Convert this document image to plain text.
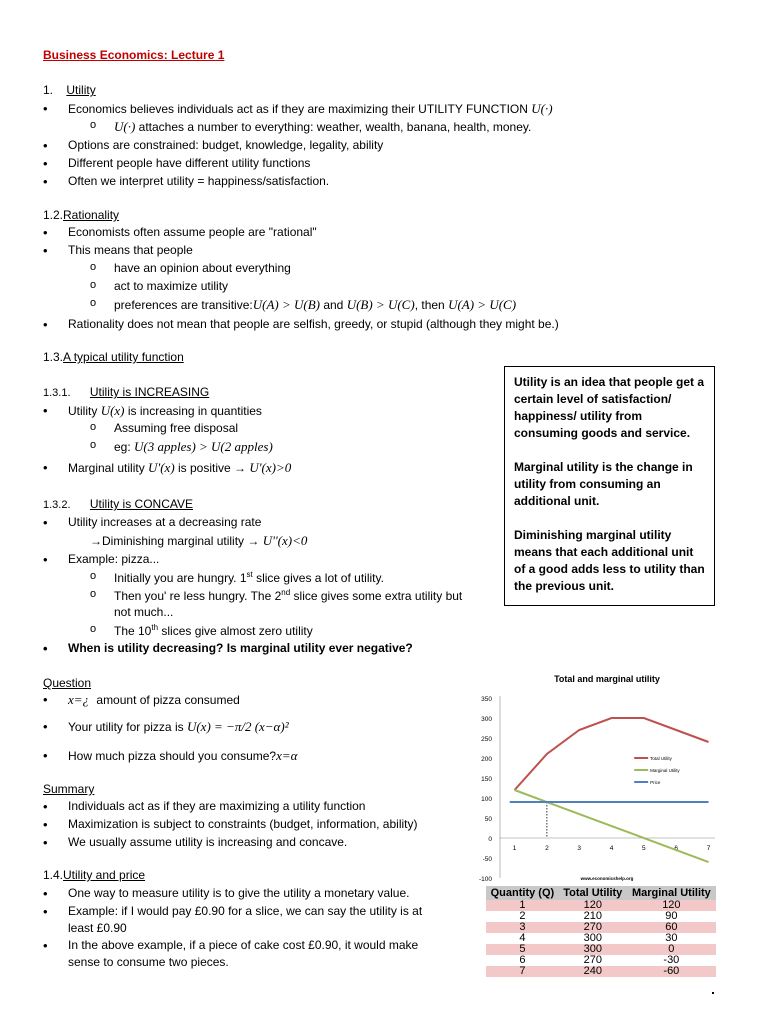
Business Economics: Lecture 1
1. Utility
• Economics believes individuals act as if they are maximizing their UTILITY FUNCTION U(·)
o U(·) attaches a number to everything: weather, wealth, banana, health, money.
• Options are constrained: budget, knowledge, legality, ability
• Different people have different utility functions
• Often we interpret utility = happiness/satisfaction.
1.2.Rationality
• Economists often assume people are "rational"
• This means that people
o have an opinion about everything
o act to maximize utility
o preferences are transitive:U(A) > U(B) and U(B) > U(C), then U(A) > U(C)
• Rationality does not mean that people are selfish, greedy, or stupid (although they might be.)
1.3.A typical utility function
1.3.1. Utility is INCREASING
• Utility U(x) is increasing in quantities
o Assuming free disposal
o eg: U(3 apples) > U(2 apples)
• Marginal utility U'(x) is positive → U'(x)>0
1.3.2. Utility is CONCAVE
• Utility increases at a decreasing rate
→Diminishing marginal utility → U''(x)<0
• Example: pizza...
o Initially you are hungry. 1st slice gives a lot of utility.
o Then you' re less hungry. The 2nd slice gives some extra utility but
not much...
o The 10th slices give almost zero utility
• When is utility decreasing? Is marginal utility ever negative?
Question
• x=¿ amount of pizza consumed
• Your utility for pizza is U(x) = −π/2 (x−α)²
• How much pizza should you consume?x=α
Summary
• Individuals act as if they are maximizing a utility function
• Maximization is subject to constraints (budget, information, ability)
• We usually assume utility is increasing and concave.
1.4.Utility and price
• One way to measure utility is to give the utility a monetary value.
• Example: if I would pay £0.90 for a slice, we can say the utility is at
least £0.90
• In the above example, if a piece of cake cost £0.90, it would make
sense to consume two pieces.

Utility is an idea that people get a certain level of satisfaction/ happiness/ utility from consuming goods and service.

Marginal utility is the change in utility from consuming an additional unit.

Diminishing marginal utility means that each additional unit of a good adds less to utility than the previous unit.

Total and marginal utility
350
300
250
200
150
100
50
0
-50
-100
1	2	3	4	5	6	7
Total Utility
Marginal Utility
Price
www.economicshelp.org
Quantity (Q)	Total Utility	Marginal Utility
1	120	120
2	210	90
3	270	60
4	300	30
5	300	0
6	270	-30
7	240	-60
